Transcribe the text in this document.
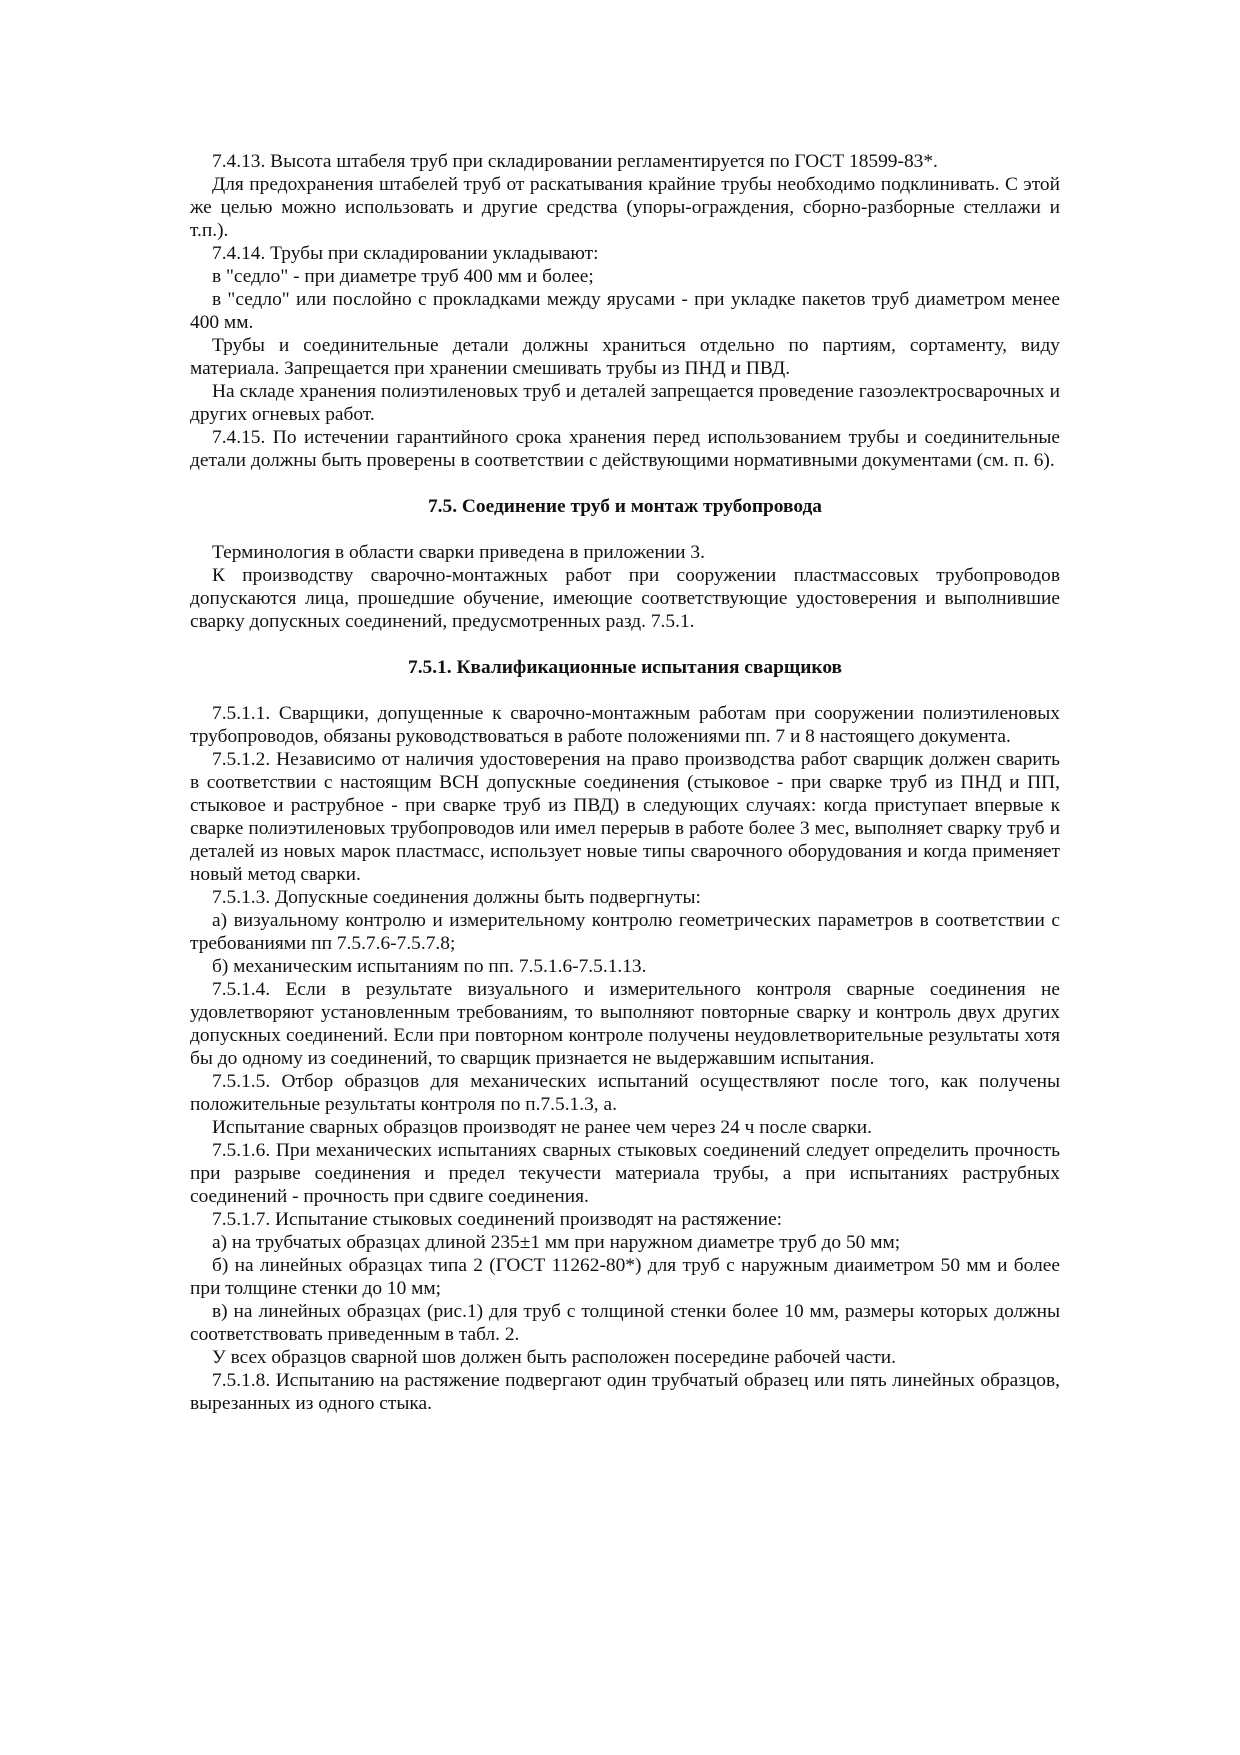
7.4.13. Высота штабеля труб при складировании регламентируется по ГОСТ 18599-83*.

Для предохранения штабелей труб от раскатывания крайние трубы необходимо подклинивать. С этой же целью можно использовать и другие средства (упоры-ограждения, сборно-разборные стеллажи и т.п.).

7.4.14. Трубы при складировании укладывают:

в "седло" - при диаметре труб 400 мм и более;

в "седло" или послойно с прокладками между ярусами - при укладке пакетов труб диаметром менее 400 мм.

Трубы и соединительные детали должны храниться отдельно по партиям, сортаменту, виду материала. Запрещается при хранении смешивать трубы из ПНД и ПВД.

На складе хранения полиэтиленовых труб и деталей запрещается проведение газоэлектросварочных и других огневых работ.

7.4.15. По истечении гарантийного срока хранения перед использованием трубы и соединительные детали должны быть проверены в соответствии с действующими нормативными документами (см. п. 6).

7.5. Соединение труб и монтаж трубопровода

Терминология в области сварки приведена в приложении 3.

К производству сварочно-монтажных работ при сооружении пластмассовых трубопроводов допускаются лица, прошедшие обучение, имеющие соответствующие удостоверения и выполнившие сварку допускных соединений, предусмотренных разд. 7.5.1.

7.5.1. Квалификационные испытания сварщиков

7.5.1.1. Сварщики, допущенные к сварочно-монтажным работам при сооружении полиэтиленовых трубопроводов, обязаны руководствоваться в работе положениями пп. 7 и 8 настоящего документа.

7.5.1.2. Независимо от наличия удостоверения на право производства работ сварщик должен сварить в соответствии с настоящим ВСН допускные соединения (стыковое - при сварке труб из ПНД и ПП, стыковое и раструбное - при сварке труб из ПВД) в следующих случаях: когда приступает впервые к сварке полиэтиленовых трубопроводов или имел перерыв в работе более 3 мес, выполняет сварку труб и деталей из новых марок пластмасс, использует новые типы сварочного оборудования и когда применяет новый метод сварки.

7.5.1.3. Допускные соединения должны быть подвергнуты:

а) визуальному контролю и измерительному контролю геометрических параметров в соответствии с требованиями пп 7.5.7.6-7.5.7.8;

б) механическим испытаниям по пп. 7.5.1.6-7.5.1.13.

7.5.1.4. Если в результате визуального и измерительного контроля сварные соединения не удовлетворяют установленным требованиям, то выполняют повторные сварку и контроль двух других допускных соединений. Если при повторном контроле получены неудовлетворительные результаты хотя бы до одному из соединений, то сварщик признается не выдержавшим испытания.

7.5.1.5. Отбор образцов для механических испытаний осуществляют после того, как получены положительные результаты контроля по п.7.5.1.3, а.

Испытание сварных образцов производят не ранее чем через 24 ч после сварки.

7.5.1.6. При механических испытаниях сварных стыковых соединений следует определить прочность при разрыве соединения и предел текучести материала трубы, а при испытаниях раструбных соединений - прочность при сдвиге соединения.

7.5.1.7. Испытание стыковых соединений производят на растяжение:

а) на трубчатых образцах длиной 235±1 мм при наружном диаметре труб до 50 мм;

б) на линейных образцах типа 2 (ГОСТ 11262-80*) для труб с наружным диаиметром 50 мм и более при толщине стенки до 10 мм;

в) на линейных образцах (рис.1) для труб с толщиной стенки более 10 мм, размеры которых должны соответствовать приведенным в табл. 2.

У всех образцов сварной шов должен быть расположен посередине рабочей части.

7.5.1.8. Испытанию на растяжение подвергают один трубчатый образец или пять линейных образцов, вырезанных из одного стыка.
